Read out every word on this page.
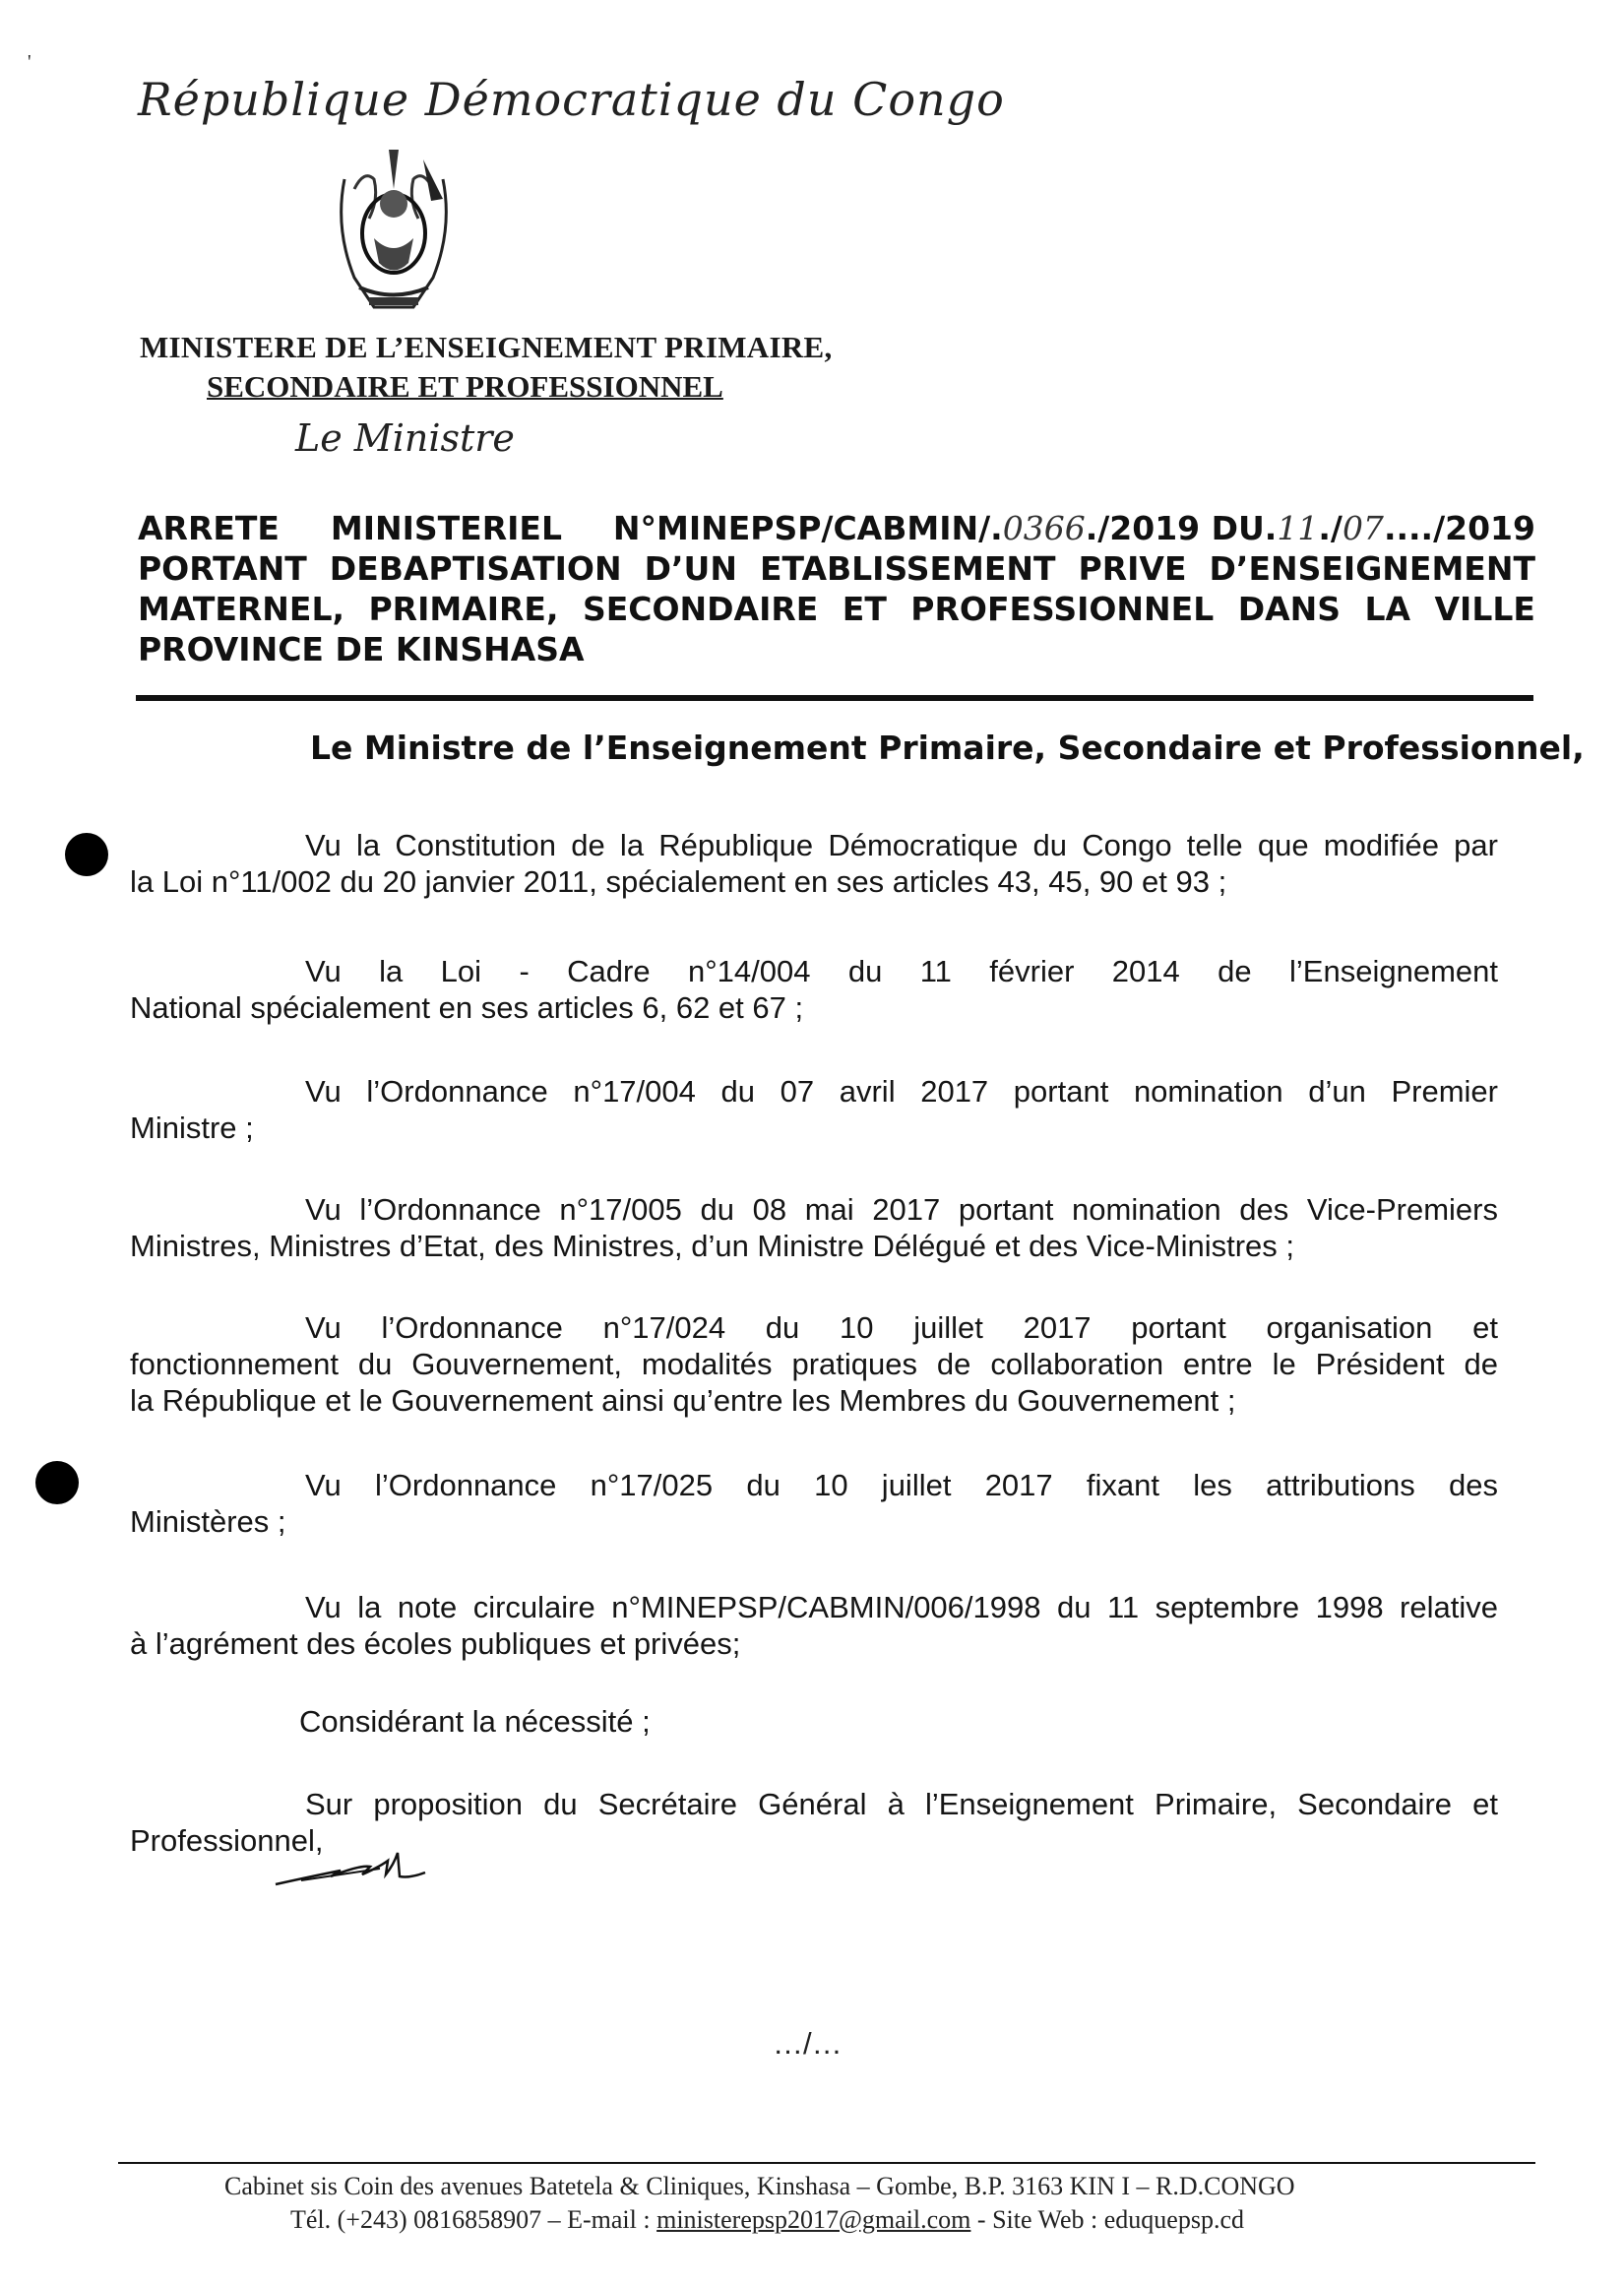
'
République Démocratique du Congo
MINISTERE DE L’ENSEIGNEMENT PRIMAIRE,
SECONDAIRE ET PROFESSIONNEL
Le Ministre
ARRETE MINISTERIEL N°MINEPSP/CABMIN/.0366./2019 DU.11./07..../2019
PORTANT DEBAPTISATION D’UN ETABLISSEMENT PRIVE D’ENSEIGNEMENT
MATERNEL, PRIMAIRE, SECONDAIRE ET PROFESSIONNEL DANS LA VILLE
PROVINCE DE KINSHASA
Le Ministre de l’Enseignement Primaire, Secondaire et Professionnel,
Vu la Constitution de la République Démocratique du Congo telle que modifiée par
la Loi n°11/002 du 20 janvier 2011, spécialement en ses articles 43, 45, 90 et 93 ;
Vu la Loi - Cadre n°14/004 du 11 février 2014 de l’Enseignement
National spécialement en ses articles 6, 62 et 67 ;
Vu l’Ordonnance n°17/004 du 07 avril 2017 portant nomination d’un Premier
Ministre ;
Vu l’Ordonnance n°17/005 du 08 mai 2017 portant nomination des Vice-Premiers
Ministres, Ministres d’Etat, des Ministres, d’un Ministre Délégué et des Vice-Ministres ;
Vu l’Ordonnance n°17/024 du 10 juillet 2017 portant organisation et
fonctionnement du Gouvernement, modalités pratiques de collaboration entre le Président de
la République et le Gouvernement ainsi qu’entre les Membres du Gouvernement ;
Vu l’Ordonnance n°17/025 du 10 juillet 2017 fixant les attributions des
Ministères ;
Vu la note circulaire n°MINEPSP/CABMIN/006/1998 du 11 septembre 1998 relative
à l’agrément des écoles publiques et privées;
Considérant la nécessité ;
Sur proposition du Secrétaire Général à l’Enseignement Primaire, Secondaire et
Professionnel,
…/…
Cabinet sis Coin des avenues Batetela & Cliniques, Kinshasa – Gombe, B.P. 3163 KIN I – R.D.CONGO
Tél. (+243) 0816858907 – E-mail : ministerepsp2017@gmail.com - Site Web : eduquepsp.cd
